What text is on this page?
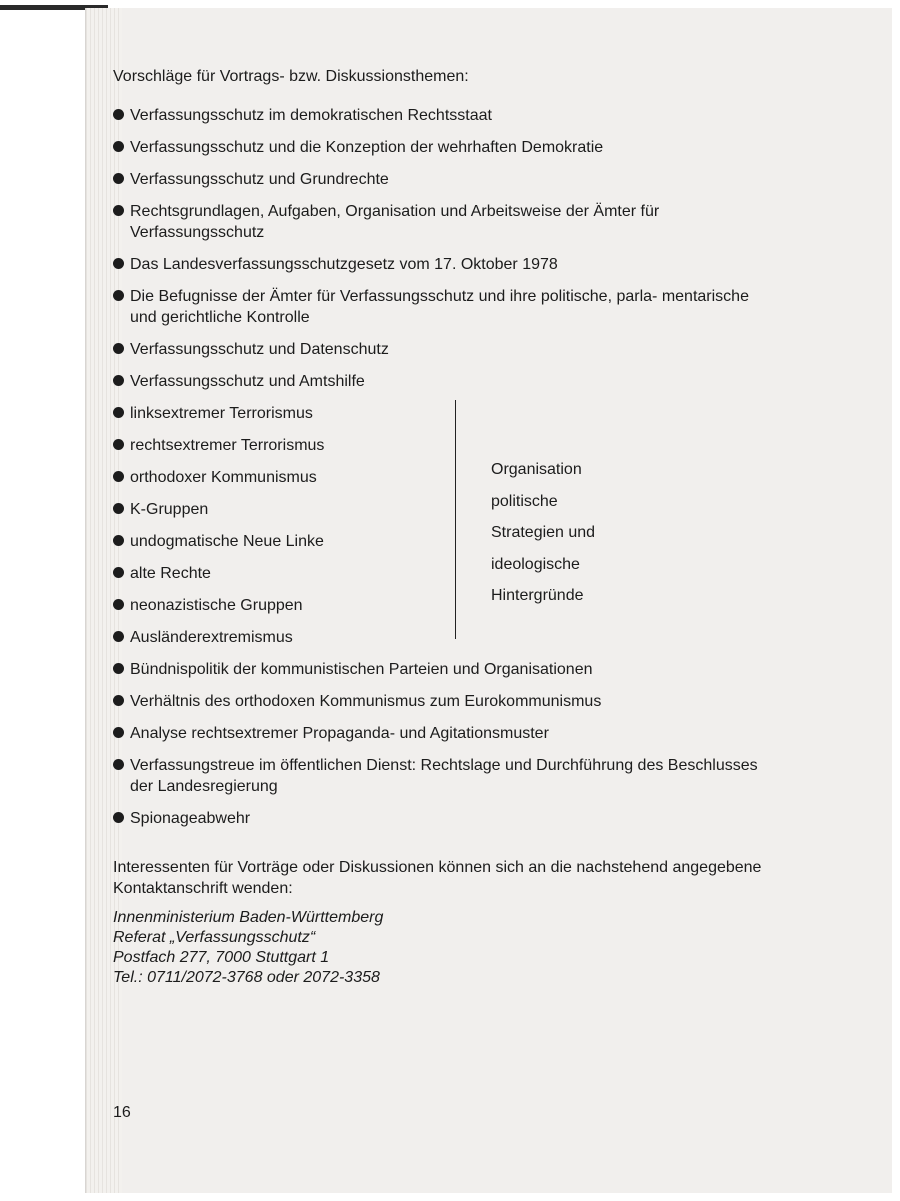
Vorschläge für Vortrags- bzw. Diskussionsthemen:

Verfassungsschutz im demokratischen Rechtsstaat
Verfassungsschutz und die Konzeption der wehrhaften Demokratie
Verfassungsschutz und Grundrechte
Rechtsgrundlagen, Aufgaben, Organisation und Arbeitsweise der Ämter für Verfassungsschutz
Das Landesverfassungsschutzgesetz vom 17. Oktober 1978
Die Befugnisse der Ämter für Verfassungsschutz und ihre politische, parla- mentarische und gerichtliche Kontrolle
Verfassungsschutz und Datenschutz
Verfassungsschutz und Amtshilfe
linksextremer Terrorismus
rechtsextremer Terrorismus
orthodoxer Kommunismus
K-Gruppen
undogmatische Neue Linke
alte Rechte
neonazistische Gruppen
Ausländerextremismus
Organisation
politische
Strategien und
ideologische
Hintergründe
Bündnispolitik der kommunistischen Parteien und Organisationen
Verhältnis des orthodoxen Kommunismus zum Eurokommunismus
Analyse rechtsextremer Propaganda- und Agitationsmuster
Verfassungstreue im öffentlichen Dienst: Rechtslage und Durchführung des Beschlusses der Landesregierung
Spionageabwehr

Interessenten für Vorträge oder Diskussionen können sich an die nachstehend angegebene Kontaktanschrift wenden:

Innenministerium Baden-Württemberg
Referat „Verfassungsschutz“
Postfach 277, 7000 Stuttgart 1
Tel.: 0711/2072-3768 oder 2072-3358
16
